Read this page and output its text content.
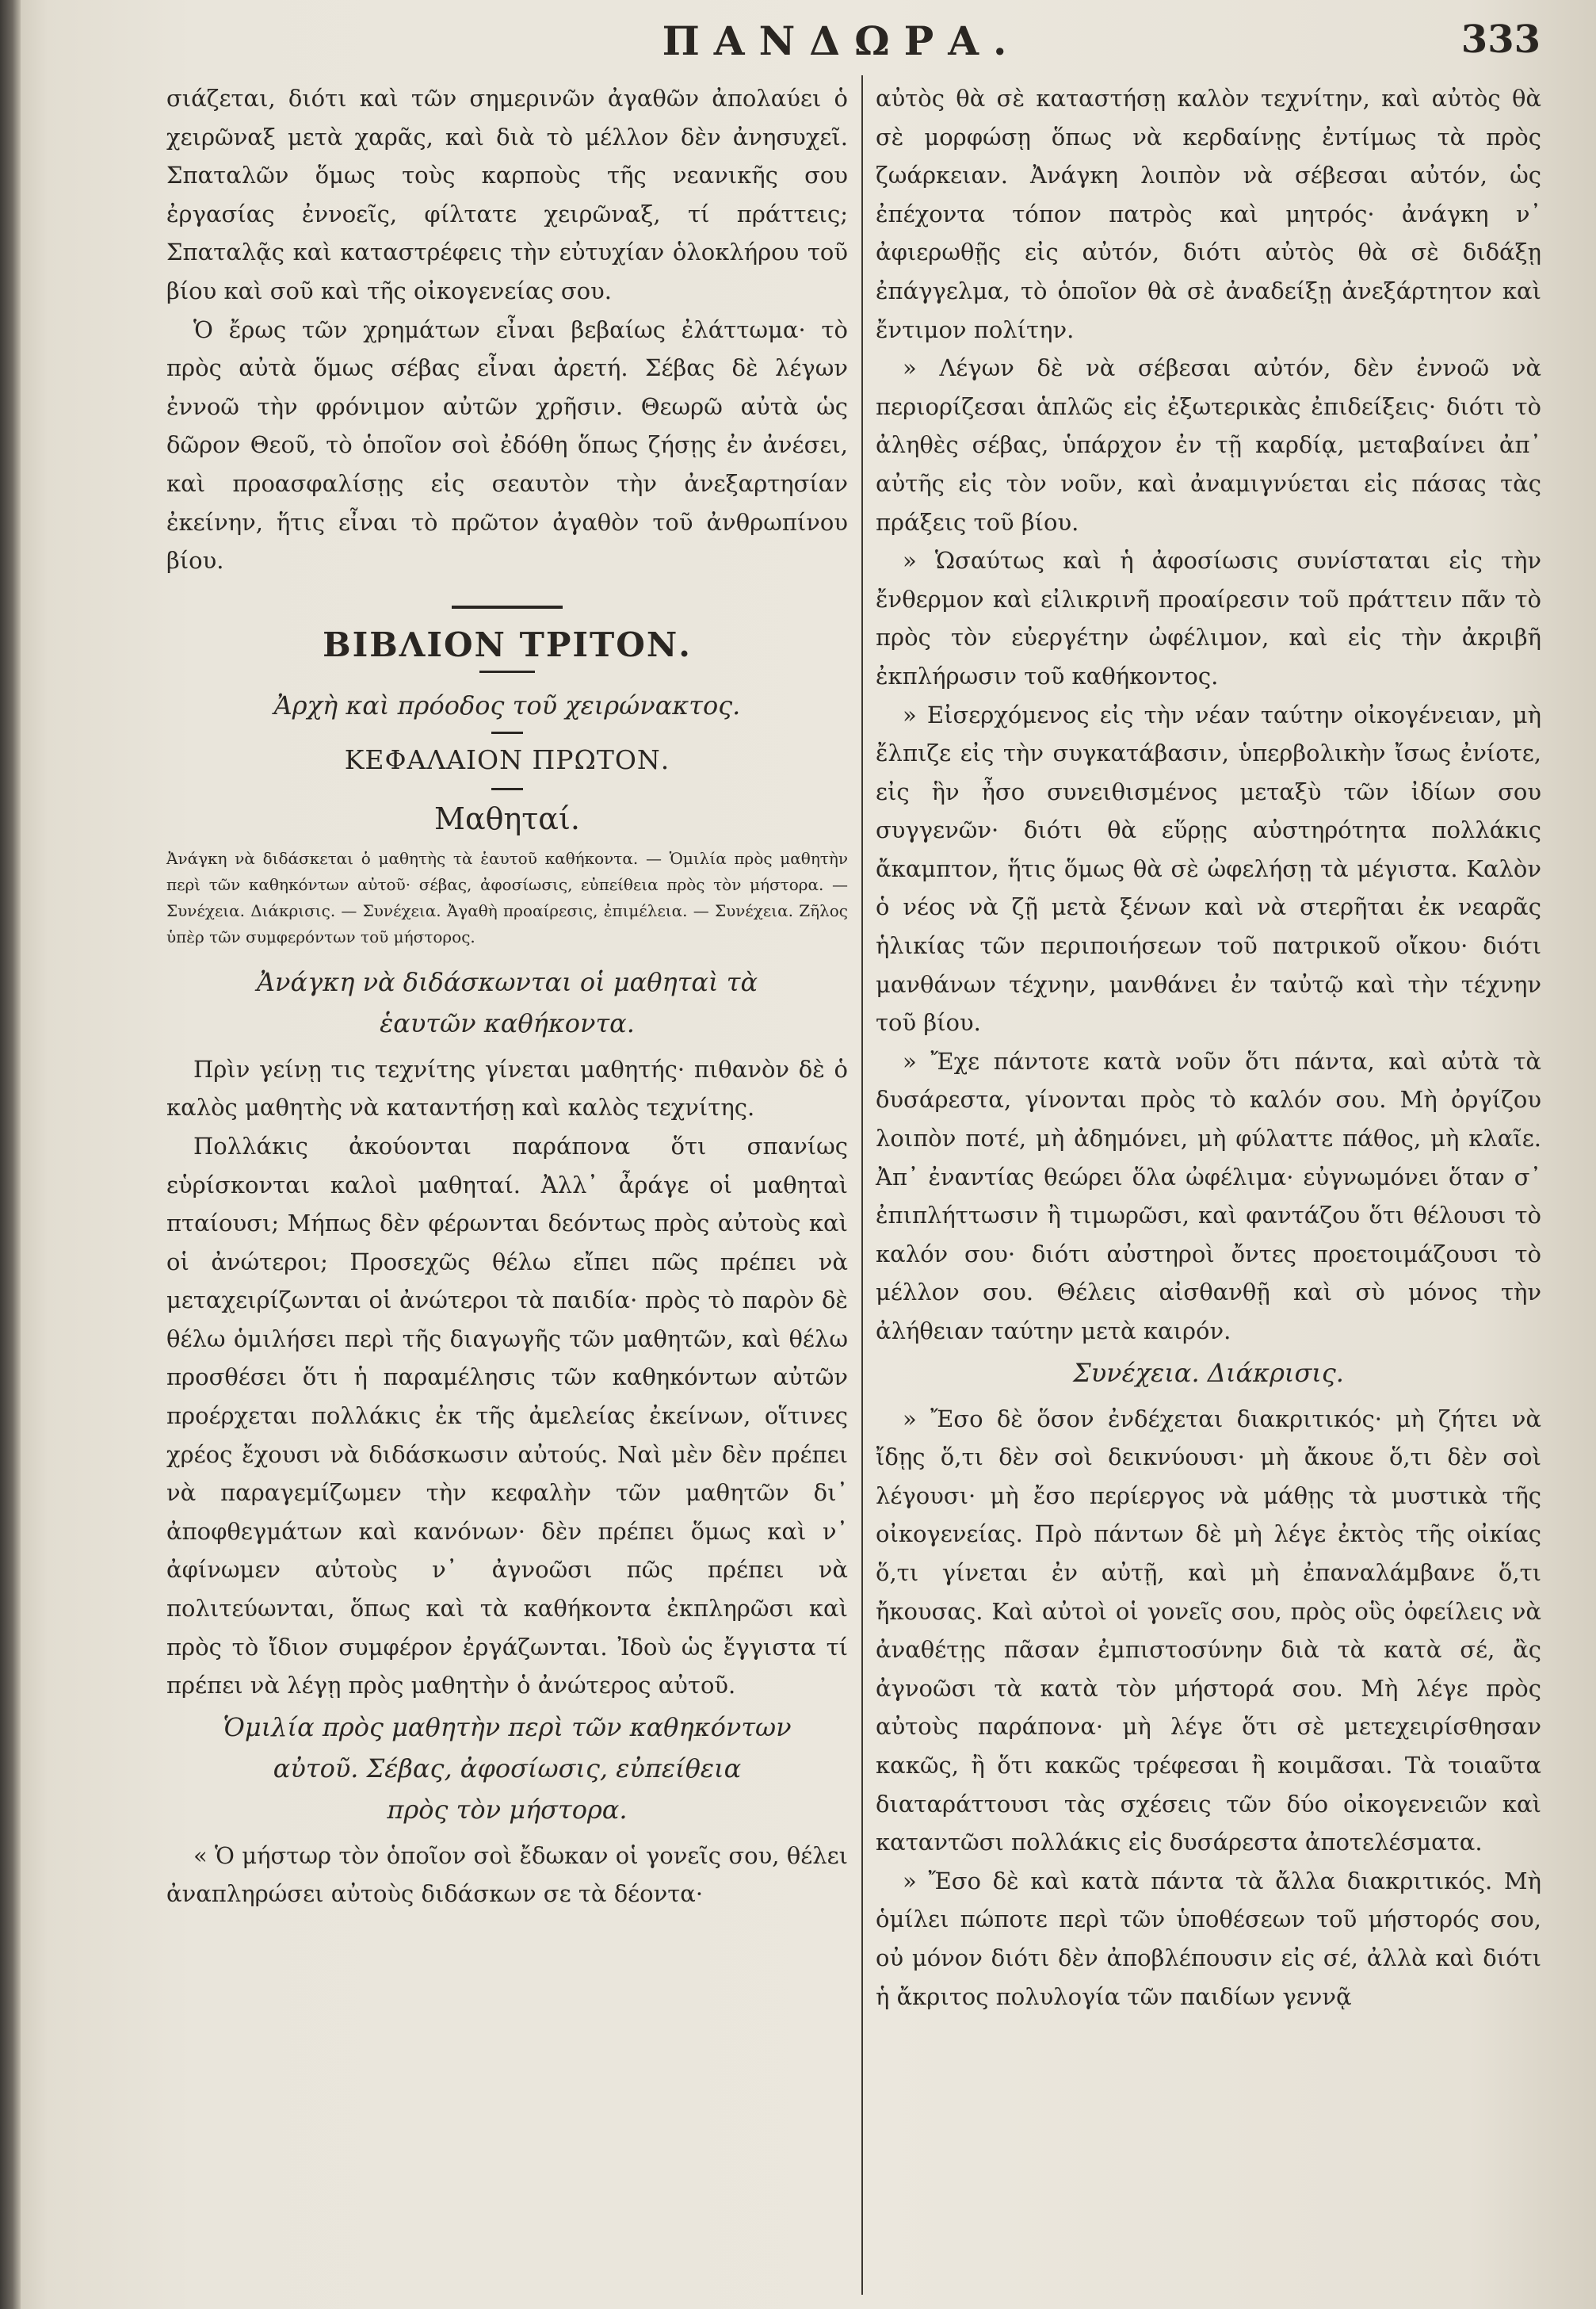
ΠΑΝΔΩΡΑ.	333

σιάζεται, διότι καὶ τῶν σημερινῶν ἀγαθῶν ἀπολαύει ὁ χειρῶναξ μετὰ χαρᾶς, καὶ διὰ τὸ μέλλον δὲν ἀνησυχεῖ. Σπαταλῶν ὅμως τοὺς καρποὺς τῆς νεανικῆς σου ἐργασίας ἐννοεῖς, φίλτατε χειρῶναξ, τί πράττεις; Σπαταλᾷς καὶ καταστρέφεις τὴν εὐτυχίαν ὁλοκλήρου τοῦ βίου καὶ σοῦ καὶ τῆς οἰκογενείας σου.

Ὁ ἔρως τῶν χρημάτων εἶναι βεβαίως ἐλάττωμα· τὸ πρὸς αὐτὰ ὅμως σέβας εἶναι ἀρετή. Σέβας δὲ λέγων ἐννοῶ τὴν φρόνιμον αὐτῶν χρῆσιν. Θεωρῶ αὐτὰ ὡς δῶρον Θεοῦ, τὸ ὁποῖον σοὶ ἐδόθη ὅπως ζήσῃς ἐν ἀνέσει, καὶ προασφαλίσῃς εἰς σεαυτὸν τὴν ἀνεξαρτησίαν ἐκείνην, ἥτις εἶναι τὸ πρῶτον ἀγαθὸν τοῦ ἀνθρωπίνου βίου.

ΒΙΒΛΙΟΝ ΤΡΙΤΟΝ.
Ἀρχὴ καὶ πρόοδος τοῦ χειρώνακτος.
ΚΕΦΑΛΑΙΟΝ ΠΡΩΤΟΝ.
Μαθηταί.
Ἀνάγκη νὰ διδάσκεται ὁ μαθητὴς τὰ ἑαυτοῦ καθήκοντα. — Ὁμιλία πρὸς μαθητὴν περὶ τῶν καθηκόντων αὐτοῦ· σέβας, ἀφοσίωσις, εὐπείθεια πρὸς τὸν μήστορα. — Συνέχεια. Διάκρισις. — Συνέχεια. Ἀγαθὴ προαίρεσις, ἐπιμέλεια. — Συνέχεια. Ζῆλος ὑπὲρ τῶν συμφερόντων τοῦ μήστορος.
Ἀνάγκη νὰ διδάσκωνται οἱ μαθηταὶ τὰ
ἑαυτῶν καθήκοντα.

Πρὶν γείνῃ τις τεχνίτης γίνεται μαθητής· πιθανὸν δὲ ὁ καλὸς μαθητὴς νὰ καταντήσῃ καὶ καλὸς τεχνίτης.

Πολλάκις ἀκούονται παράπονα ὅτι σπανίως εὑρίσκονται καλοὶ μαθηταί. Ἀλλ᾽ ἆράγε οἱ μαθηταὶ πταίουσι; Μήπως δὲν φέρωνται δεόντως πρὸς αὐτοὺς καὶ οἱ ἀνώτεροι; Προσεχῶς θέλω εἴπει πῶς πρέπει νὰ μεταχειρίζωνται οἱ ἀνώτεροι τὰ παιδία· πρὸς τὸ παρὸν δὲ θέλω ὁμιλήσει περὶ τῆς διαγωγῆς τῶν μαθητῶν, καὶ θέλω προσθέσει ὅτι ἡ παραμέλησις τῶν καθηκόντων αὐτῶν προέρχεται πολλάκις ἐκ τῆς ἀμελείας ἐκείνων, οἵτινες χρέος ἔχουσι νὰ διδάσκωσιν αὐτούς. Ναὶ μὲν δὲν πρέπει νὰ παραγεμίζωμεν τὴν κεφαλὴν τῶν μαθητῶν δι᾽ ἀποφθεγμάτων καὶ κανόνων· δὲν πρέπει ὅμως καὶ ν᾽ ἀφίνωμεν αὐτοὺς ν᾽ ἀγνοῶσι πῶς πρέπει νὰ πολιτεύωνται, ὅπως καὶ τὰ καθήκοντα ἐκπληρῶσι καὶ πρὸς τὸ ἴδιον συμφέρον ἐργάζωνται. Ἰδοὺ ὡς ἔγγιστα τί πρέπει νὰ λέγῃ πρὸς μαθητὴν ὁ ἀνώτερος αὐτοῦ.

Ὁμιλία πρὸς μαθητὴν περὶ τῶν καθηκόντων
αὐτοῦ. Σέβας, ἀφοσίωσις, εὐπείθεια
πρὸς τὸν μήστορα.

« Ὁ μήστωρ τὸν ὁποῖον σοὶ ἔδωκαν οἱ γονεῖς σου, θέλει ἀναπληρώσει αὐτοὺς διδάσκων σε τὰ δέοντα·

αὐτὸς θὰ σὲ καταστήσῃ καλὸν τεχνίτην, καὶ αὐτὸς θὰ σὲ μορφώσῃ ὅπως νὰ κερδαίνῃς ἐντίμως τὰ πρὸς ζωάρκειαν. Ἀνάγκη λοιπὸν νὰ σέβεσαι αὐτόν, ὡς ἐπέχοντα τόπον πατρὸς καὶ μητρός· ἀνάγκη ν᾽ ἀφιερωθῇς εἰς αὐτόν, διότι αὐτὸς θὰ σὲ διδάξῃ ἐπάγγελμα, τὸ ὁποῖον θὰ σὲ ἀναδείξῃ ἀνεξάρτητον καὶ ἔντιμον πολίτην.

» Λέγων δὲ νὰ σέβεσαι αὐτόν, δὲν ἐννοῶ νὰ περιορίζεσαι ἁπλῶς εἰς ἐξωτερικὰς ἐπιδείξεις· διότι τὸ ἀληθὲς σέβας, ὑπάρχον ἐν τῇ καρδίᾳ, μεταβαίνει ἀπ᾽ αὐτῆς εἰς τὸν νοῦν, καὶ ἀναμιγνύεται εἰς πάσας τὰς πράξεις τοῦ βίου.

» Ὡσαύτως καὶ ἡ ἀφοσίωσις συνίσταται εἰς τὴν ἔνθερμον καὶ εἰλικρινῆ προαίρεσιν τοῦ πράττειν πᾶν τὸ πρὸς τὸν εὐεργέτην ὠφέλιμον, καὶ εἰς τὴν ἀκριβῆ ἐκπλήρωσιν τοῦ καθήκοντος.

» Εἰσερχόμενος εἰς τὴν νέαν ταύτην οἰκογένειαν, μὴ ἔλπιζε εἰς τὴν συγκατάβασιν, ὑπερβολικὴν ἴσως ἐνίοτε, εἰς ἣν ἦσο συνειθισμένος μεταξὺ τῶν ἰδίων σου συγγενῶν· διότι θὰ εὕρῃς αὐστηρότητα πολλάκις ἄκαμπτον, ἥτις ὅμως θὰ σὲ ὠφελήσῃ τὰ μέγιστα. Καλὸν ὁ νέος νὰ ζῇ μετὰ ξένων καὶ νὰ στερῆται ἐκ νεαρᾶς ἡλικίας τῶν περιποιήσεων τοῦ πατρικοῦ οἴκου· διότι μανθάνων τέχνην, μανθάνει ἐν ταὐτῷ καὶ τὴν τέχνην τοῦ βίου.

» Ἔχε πάντοτε κατὰ νοῦν ὅτι πάντα, καὶ αὐτὰ τὰ δυσάρεστα, γίνονται πρὸς τὸ καλόν σου. Μὴ ὀργίζου λοιπὸν ποτέ, μὴ ἀδημόνει, μὴ φύλαττε πάθος, μὴ κλαῖε. Ἀπ᾽ ἐναντίας θεώρει ὅλα ὠφέλιμα· εὐγνωμόνει ὅταν σ᾽ ἐπιπλήττωσιν ἢ τιμωρῶσι, καὶ φαντάζου ὅτι θέλουσι τὸ καλόν σου· διότι αὐστηροὶ ὄντες προετοιμάζουσι τὸ μέλλον σου. Θέλεις αἰσθανθῇ καὶ σὺ μόνος τὴν ἀλήθειαν ταύτην μετὰ καιρόν.

Συνέχεια. Διάκρισις.

» Ἔσο δὲ ὅσον ἐνδέχεται διακριτικός· μὴ ζήτει νὰ ἴδῃς ὅ,τι δὲν σοὶ δεικνύουσι· μὴ ἄκουε ὅ,τι δὲν σοὶ λέγουσι· μὴ ἔσο περίεργος νὰ μάθῃς τὰ μυστικὰ τῆς οἰκογενείας. Πρὸ πάντων δὲ μὴ λέγε ἐκτὸς τῆς οἰκίας ὅ,τι γίνεται ἐν αὐτῇ, καὶ μὴ ἐπαναλάμβανε ὅ,τι ἤκουσας. Καὶ αὐτοὶ οἱ γονεῖς σου, πρὸς οὓς ὀφείλεις νὰ ἀναθέτῃς πᾶσαν ἐμπιστοσύνην διὰ τὰ κατὰ σέ, ἂς ἀγνοῶσι τὰ κατὰ τὸν μήστορά σου. Μὴ λέγε πρὸς αὐτοὺς παράπονα· μὴ λέγε ὅτι σὲ μετεχειρίσθησαν κακῶς, ἢ ὅτι κακῶς τρέφεσαι ἢ κοιμᾶσαι. Τὰ τοιαῦτα διαταράττουσι τὰς σχέσεις τῶν δύο οἰκογενειῶν καὶ καταντῶσι πολλάκις εἰς δυσάρεστα ἀποτελέσματα.

» Ἔσο δὲ καὶ κατὰ πάντα τὰ ἄλλα διακριτικός. Μὴ ὁμίλει πώποτε περὶ τῶν ὑποθέσεων τοῦ μήστορός σου, οὐ μόνον διότι δὲν ἀποβλέπουσιν εἰς σέ, ἀλλὰ καὶ διότι ἡ ἄκριτος πολυλογία τῶν παιδίων γεννᾷ
